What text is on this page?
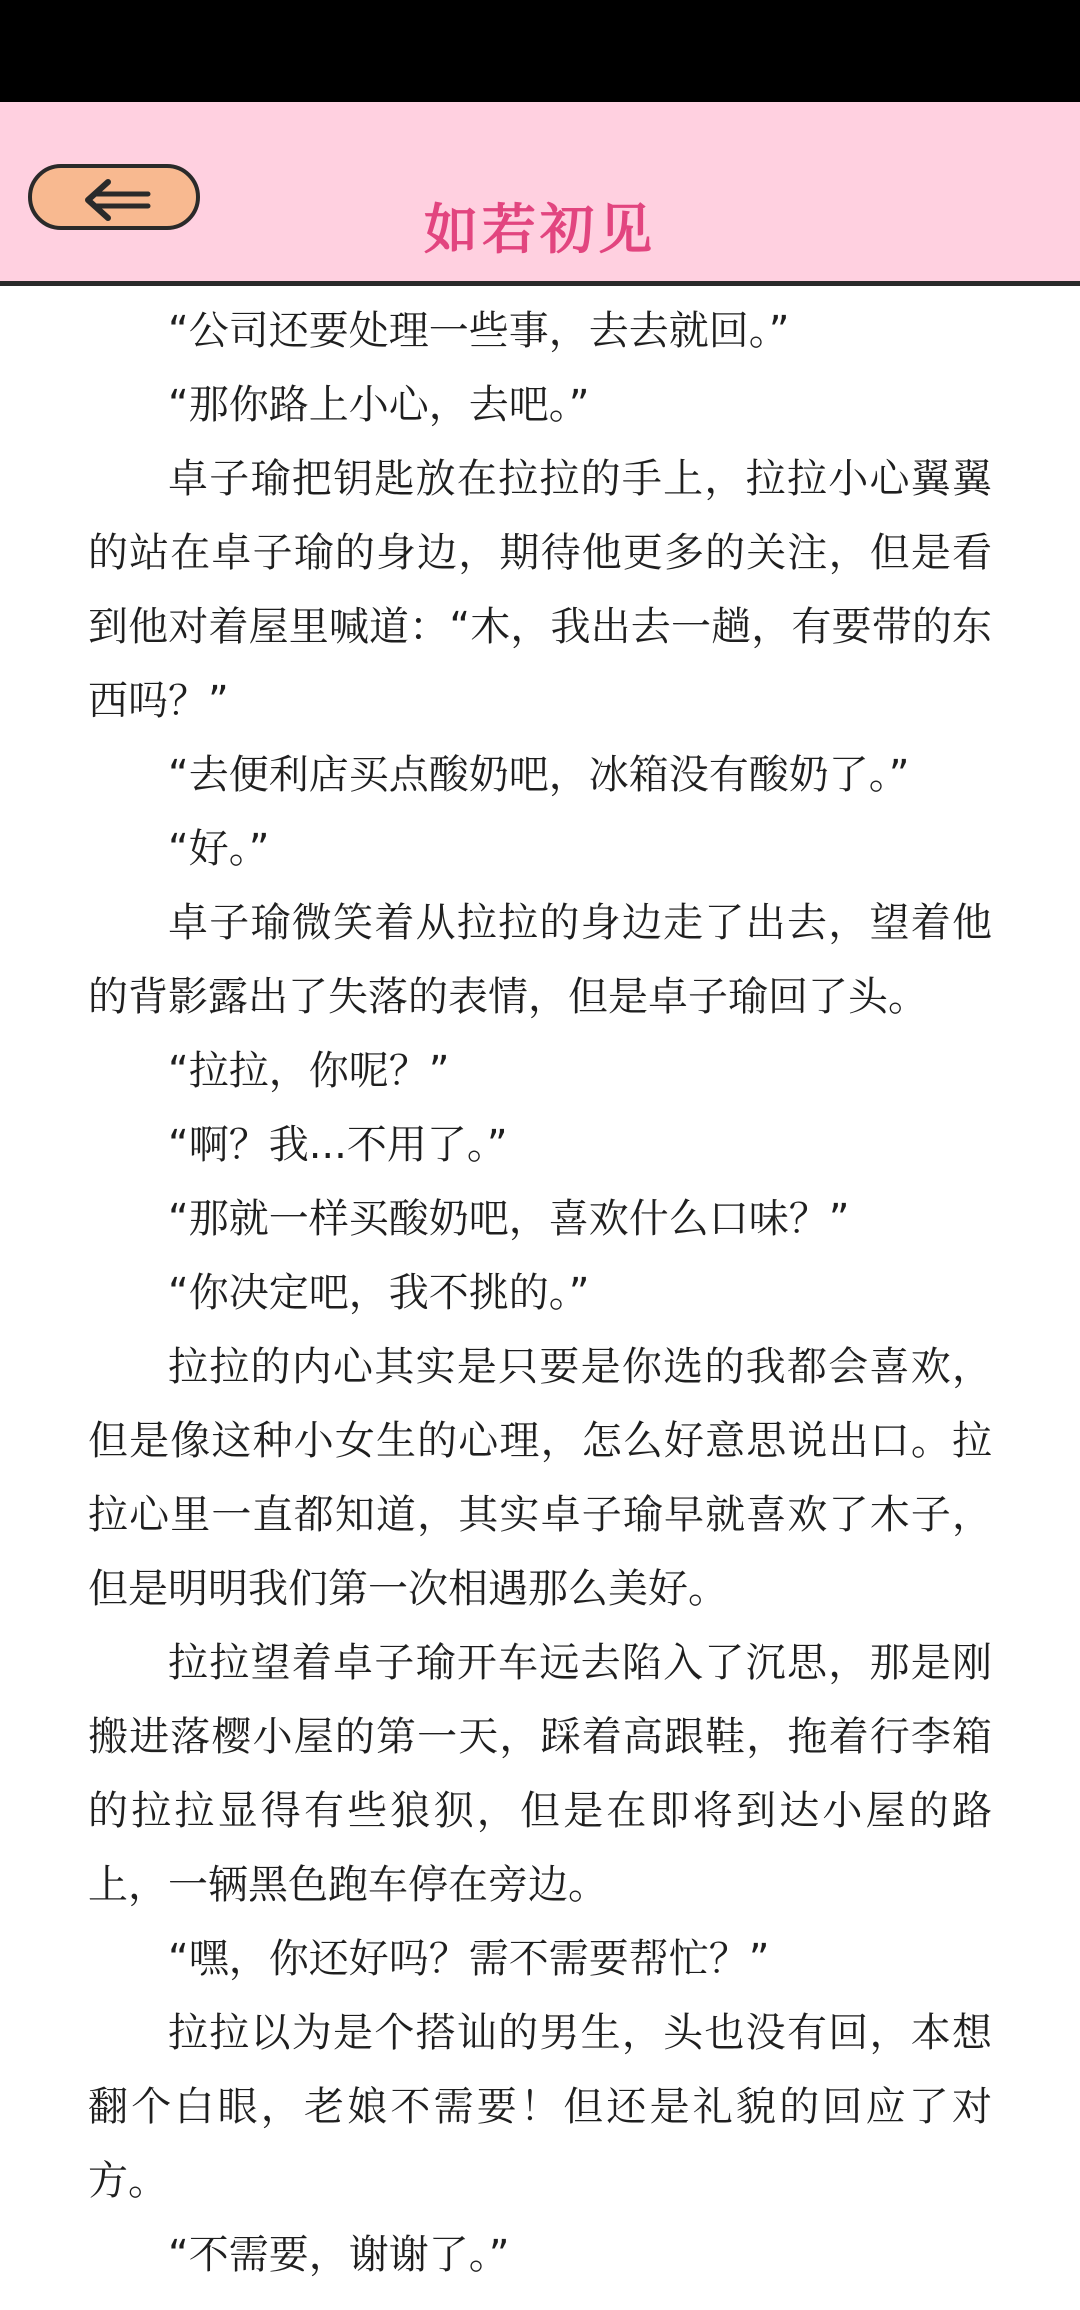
如若初见

“公司还要处理一些事，去去就回。”

“那你路上小心，去吧。”

卓子瑜把钥匙放在拉拉的手上，拉拉小心翼翼的站在卓子瑜的身边，期待他更多的关注，但是看到他对着屋里喊道：“木，我出去一趟，有要带的东西吗？”

“去便利店买点酸奶吧，冰箱没有酸奶了。”

“好。”

卓子瑜微笑着从拉拉的身边走了出去，望着他的背影露出了失落的表情，但是卓子瑜回了头。

“拉拉，你呢？”

“啊？我...不用了。”

“那就一样买酸奶吧，喜欢什么口味？”

“你决定吧，我不挑的。”

拉拉的内心其实是只要是你选的我都会喜欢，但是像这种小女生的心理，怎么好意思说出口。拉拉心里一直都知道，其实卓子瑜早就喜欢了木子，但是明明我们第一次相遇那么美好。

拉拉望着卓子瑜开车远去陷入了沉思，那是刚搬进落樱小屋的第一天，踩着高跟鞋，拖着行李箱的拉拉显得有些狼狈，但是在即将到达小屋的路上，一辆黑色跑车停在旁边。

“嘿，你还好吗？需不需要帮忙？”

拉拉以为是个搭讪的男生，头也没有回，本想翻个白眼，老娘不需要！但还是礼貌的回应了对方。

“不需要，谢谢了。”
